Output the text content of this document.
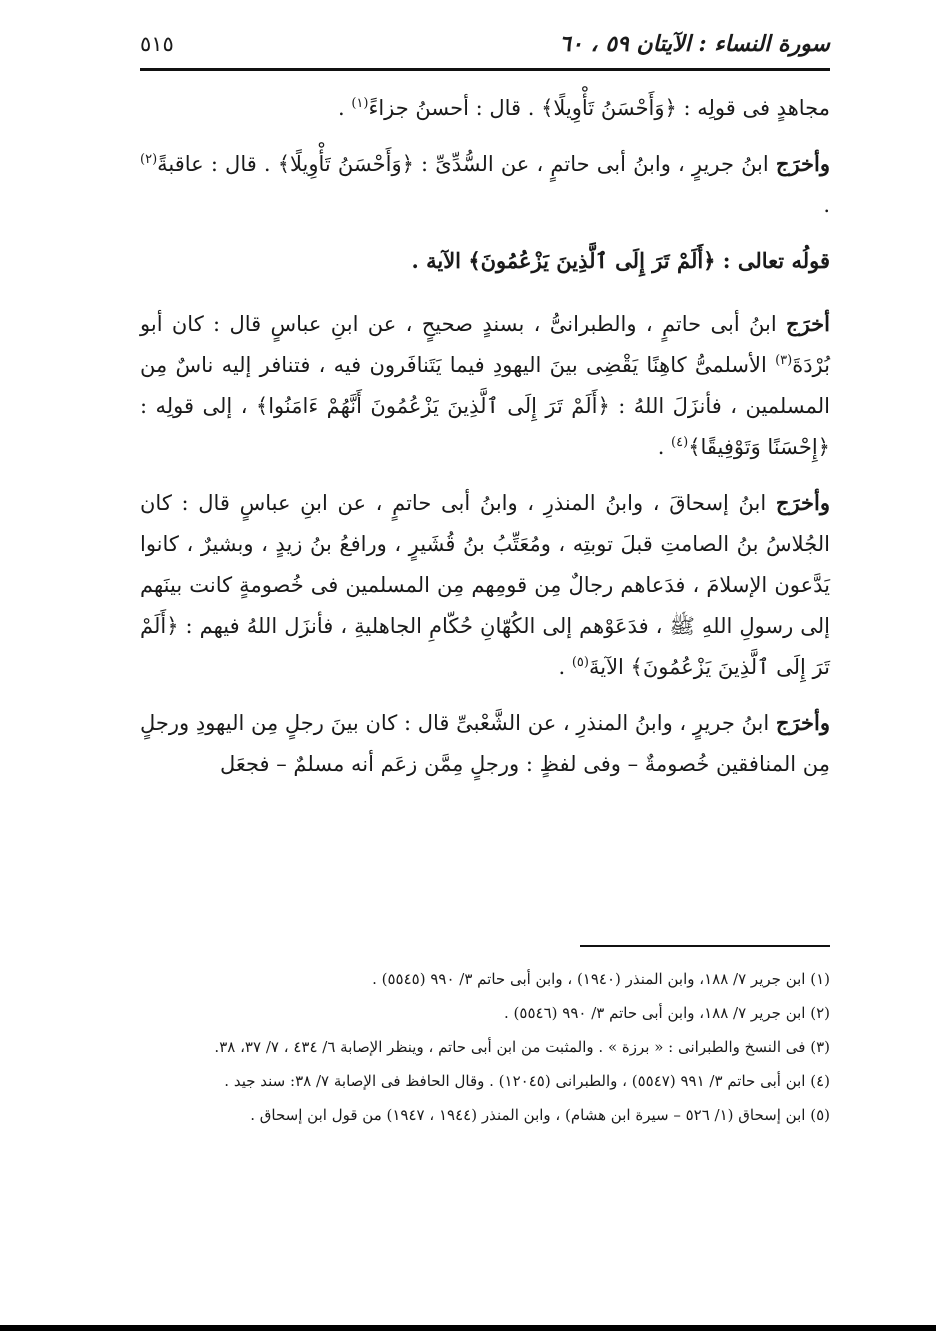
سورة النساء : الآيتان ٥٩ ، ٦٠
٥١٥

مجاهدٍ فى قولِه : ﴿وَأَحْسَنُ تَأْوِيلًا﴾ . قال : أحسنُ جزاءً$^{(١)}$ .

وأخرَج ابنُ جريرٍ ، وابنُ أبى حاتمٍ ، عن السُّدِّىِّ : ﴿وَأَحْسَنُ تَأْوِيلًا﴾ . قال : عاقبةً$^{(٢)}$ .

قولُه تعالى : ﴿أَلَمْ تَرَ إِلَى ٱلَّذِينَ يَزْعُمُونَ﴾ الآية .

أخرَج ابنُ أبى حاتمٍ ، والطبرانىُّ ، بسندٍ صحيحٍ ، عن ابنِ عباسٍ قال : كان أبو بُرْدَةَ$^{(٣)}$ الأسلمىُّ كاهِنًا يَقْضِى بينَ اليهودِ فيما يَتَنافَرون فيه ، فتنافر إليه ناسٌ مِن المسلمين ، فأنزَلَ اللهُ : ﴿أَلَمْ تَرَ إِلَى ٱلَّذِينَ يَزْعُمُونَ أَنَّهُمْ ءَامَنُوا﴾ ، إلى قولِه : ﴿إِحْسَنًا وَتَوْفِيقًا﴾$^{(٤)}$ .

وأخرَج ابنُ إسحاقَ ، وابنُ المنذرِ ، وابنُ أبى حاتمٍ ، عن ابنِ عباسٍ قال : كان الجُلاسُ بنُ الصامتِ قبلَ توبتِه ، ومُعَتِّبُ بنُ قُشَيرٍ ، ورافعُ بنُ زيدٍ ، وبشيرٌ ، كانوا يَدَّعون الإسلامَ ، فدَعاهم رجالٌ مِن قومِهم مِن المسلمين فى خُصومةٍ كانت بينَهم إلى رسولِ اللهِ ﷺ ، فدَعَوْهم إلى الكُهّانِ حُكّامِ الجاهليةِ ، فأنزَل اللهُ فيهم : ﴿أَلَمْ تَرَ إِلَى ٱلَّذِينَ يَزْعُمُونَ﴾ الآيةَ$^{(٥)}$ .

وأخرَج ابنُ جريرٍ ، وابنُ المنذرِ ، عن الشَّعْبىِّ قال : كان بينَ رجلٍ مِن اليهودِ ورجلٍ مِن المنافقين خُصومةٌ – وفى لفظٍ : ورجلٍ مِمَّن زعَم أنه مسلمٌ – فجعَل

(١) ابن جرير ٧/ ١٨٨، وابن المنذر (١٩٤٠) ، وابن أبى حاتم ٣/ ٩٩٠ (٥٥٤٥) .

(٢) ابن جرير ٧/ ١٨٨، وابن أبى حاتم ٣/ ٩٩٠ (٥٥٤٦) .

(٣) فى النسخ والطبرانى : « برزة » . والمثبت من ابن أبى حاتم ، وينظر الإصابة ٦/ ٤٣٤ ، ٧/ ٣٧، ٣٨.

(٤) ابن أبى حاتم ٣/ ٩٩١ (٥٥٤٧) ، والطبرانى (١٢٠٤٥) . وقال الحافظ فى الإصابة ٧/ ٣٨: سند جيد .

(٥) ابن إسحاق (١/ ٥٢٦ – سيرة ابن هشام) ، وابن المنذر (١٩٤٤ ، ١٩٤٧) من قول ابن إسحاق .
